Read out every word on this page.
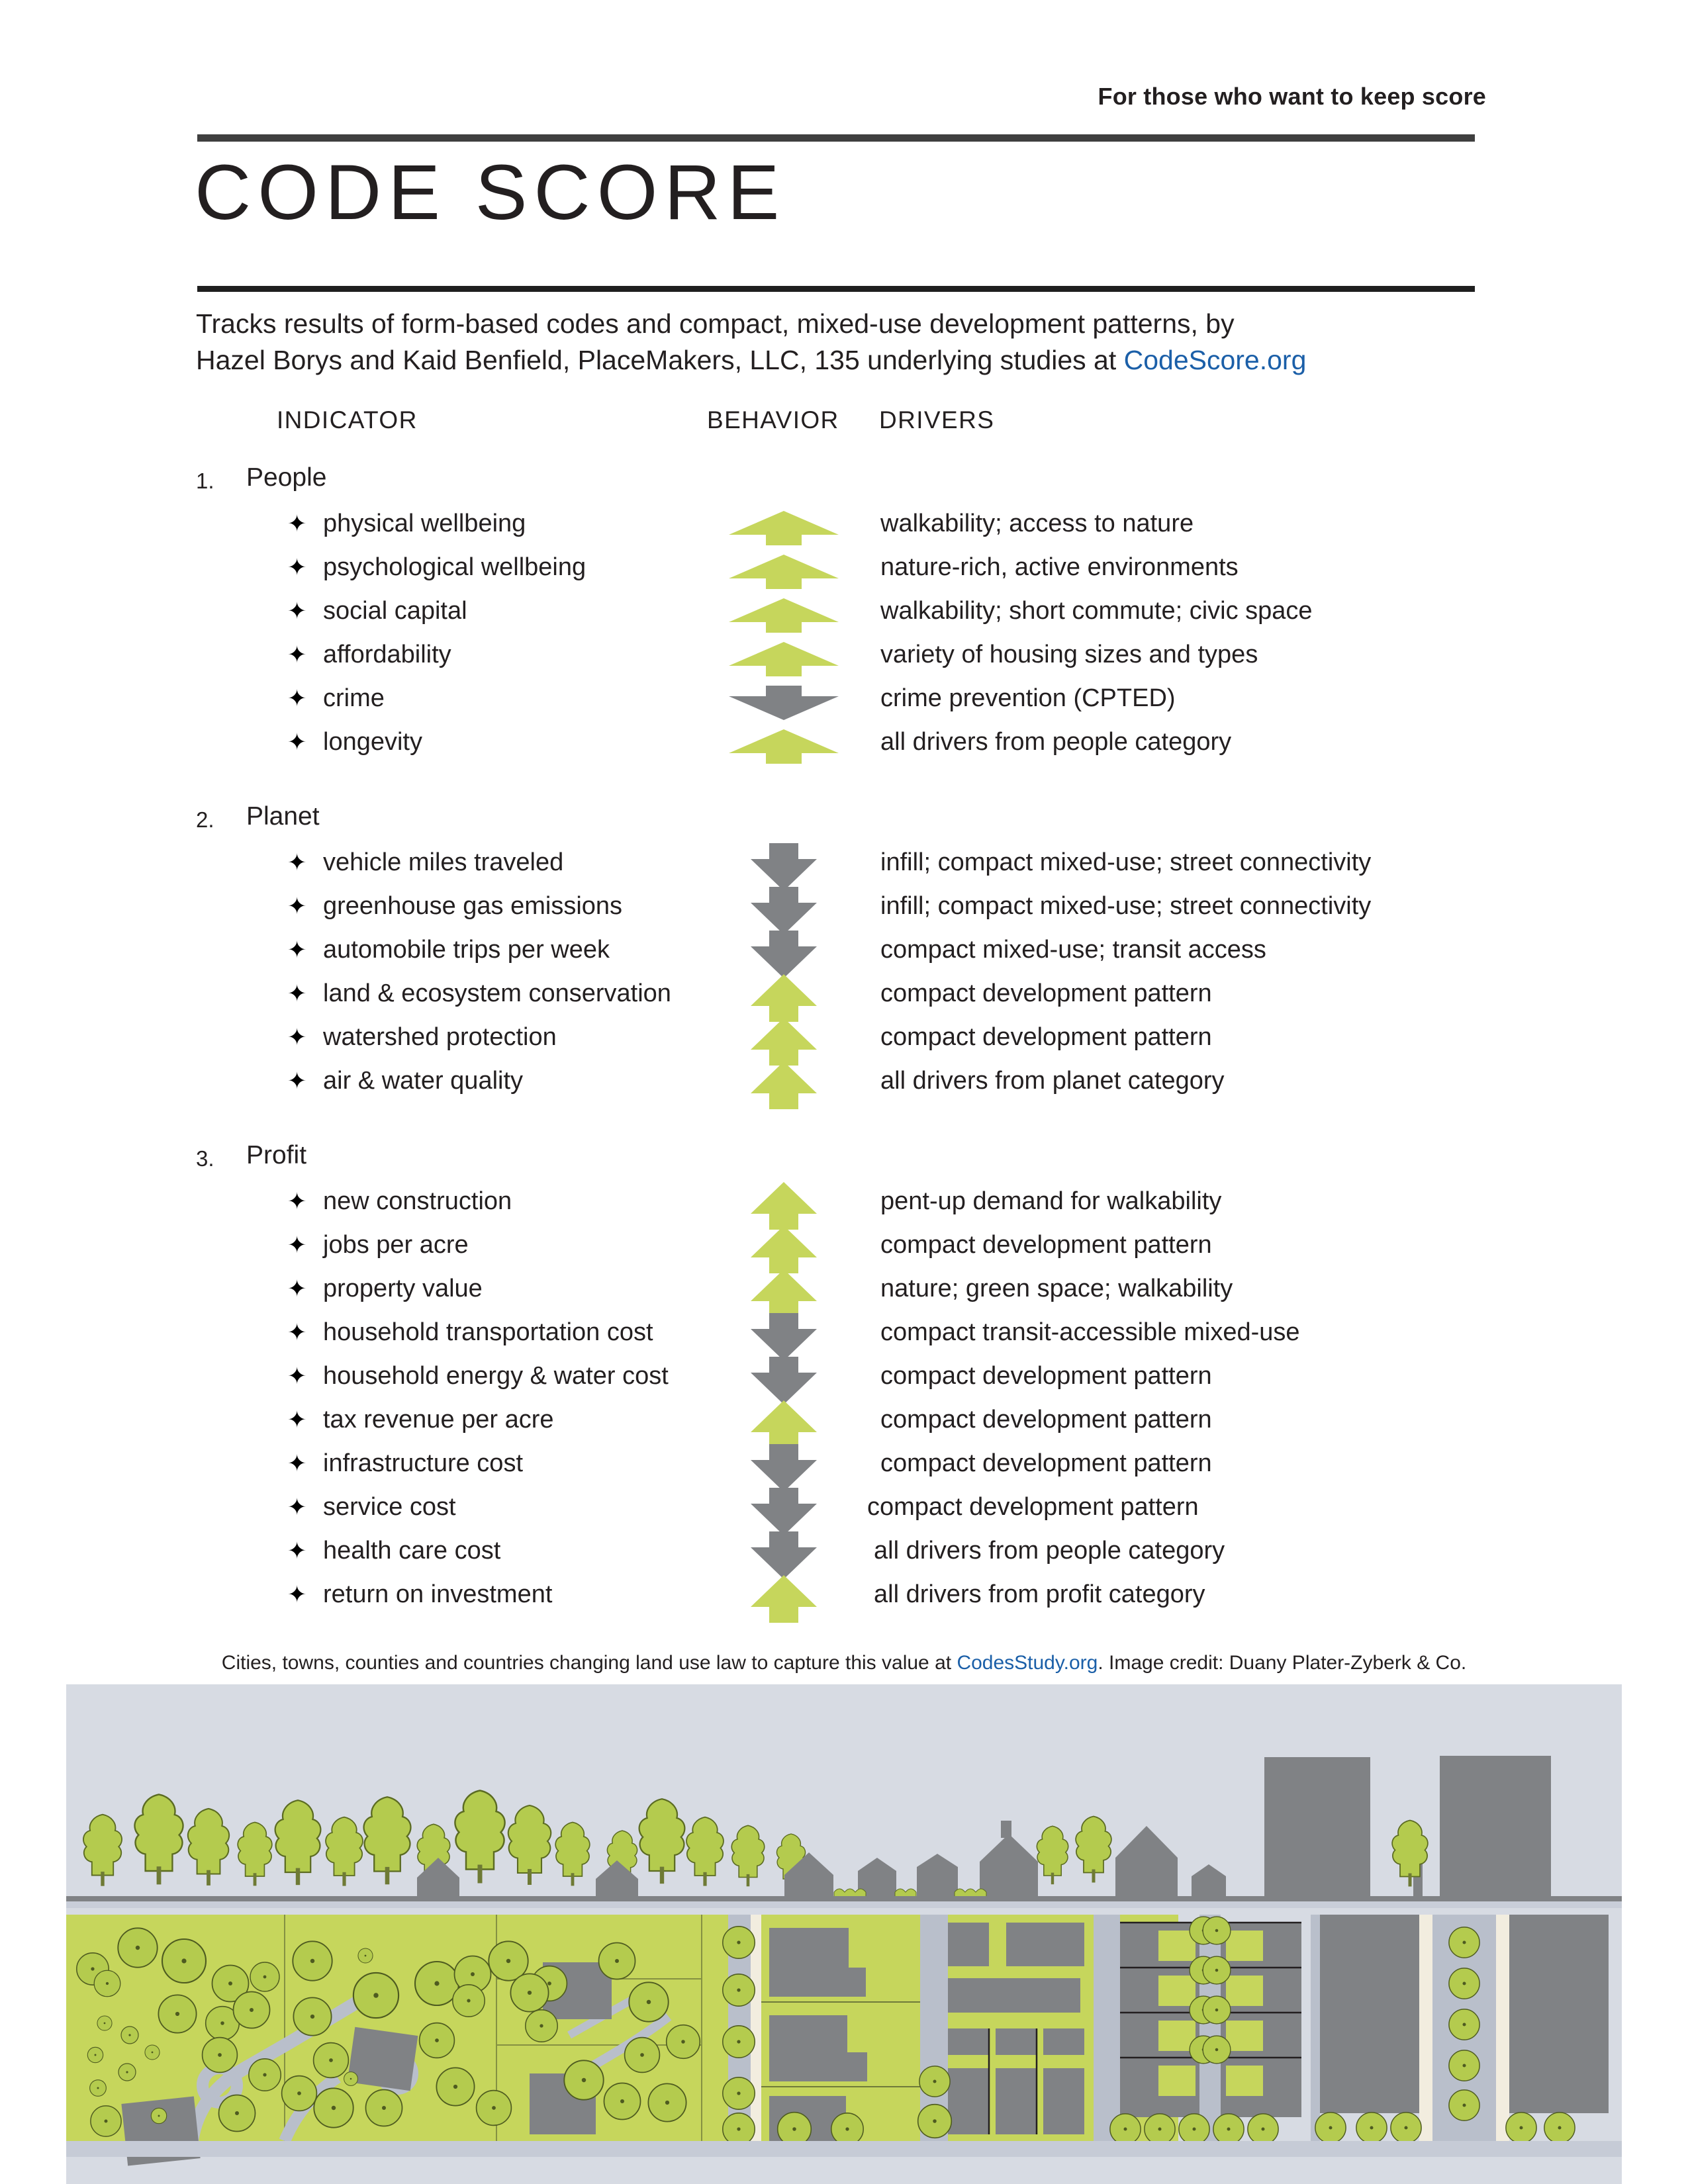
For those who want to keep score
CODE SCORE
Tracks results of form-based codes and compact, mixed-use development patterns, by
Hazel Borys and Kaid Benfield, PlaceMakers, LLC, 135 underlying studies at CodeScore.org
INDICATOR	BEHAVIOR DRIVERS
1. People
✦ physical wellbeing	walkability; access to nature
✦ psychological wellbeing	nature-rich, active environments
✦ social capital	walkability; short commute; civic space
✦ affordability	variety of housing sizes and types
✦ crime	crime prevention (CPTED)
✦ longevity	all drivers from people category
2. Planet
✦ vehicle miles traveled	infill; compact mixed-use; street connectivity
✦ greenhouse gas emissions	infill; compact mixed-use; street connectivity
✦ automobile trips per week	compact mixed-use; transit access
✦ land & ecosystem conservation	compact development pattern
✦ watershed protection	compact development pattern
✦ air & water quality	all drivers from planet category
3. Profit
✦ new construction	pent-up demand for walkability
✦ jobs per acre	compact development pattern
✦ property value	nature; green space; walkability
✦ household transportation cost	compact transit-accessible mixed-use
✦ household energy & water cost	compact development pattern
✦ tax revenue per acre	compact development pattern
✦ infrastructure cost	compact development pattern
✦ service cost	compact development pattern
✦ health care cost	all drivers from people category
✦ return on investment	all drivers from profit category
Cities, towns, counties and countries changing land use law to capture this value at CodesStudy.org. Image credit: Duany Plater-Zyberk & Co.
